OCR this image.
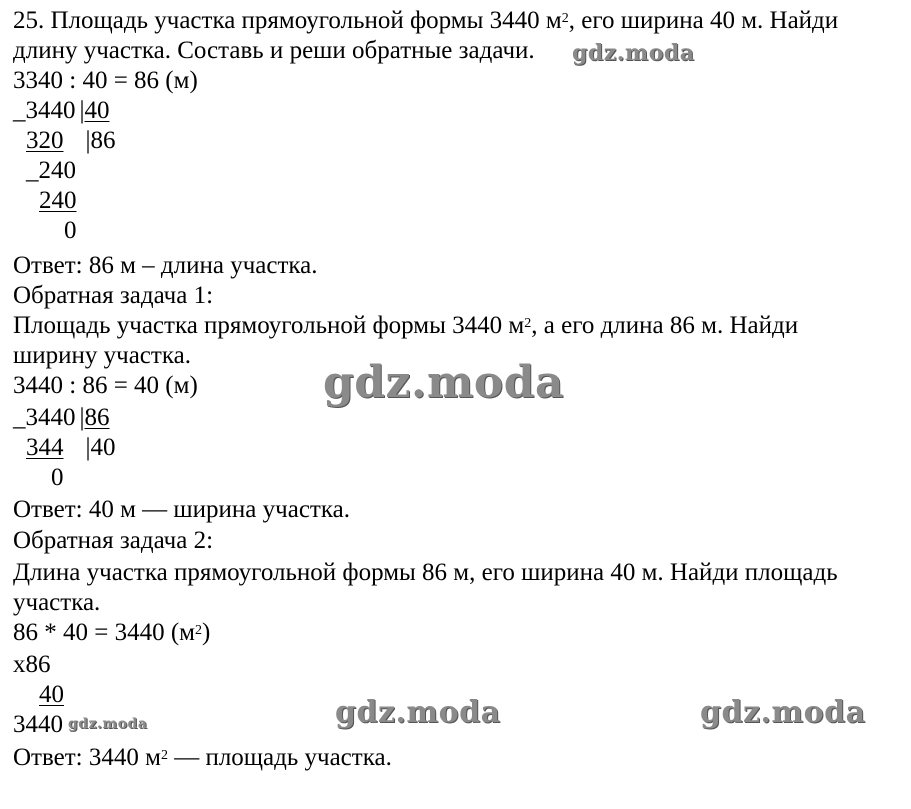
25. Площадь участка прямоугольной формы 3440 $м^2$, его ширина 40 м. Найди
длину участка. Составь и реши обратные задачи.
3340 : 40 = 86 (м)
_3440 |40
320 |86
_240
240
0
Ответ: 86 м – длина участка.
Обратная задача 1:
Площадь участка прямоугольной формы 3440 $м^2$, а его длина 86 м. Найди
ширину участка.
3440 : 86 = 40 (м)
_3440 |86
344 |40
0
Ответ: 40 м — ширина участка.
Обратная задача 2:
Длина участка прямоугольной формы 86 м, его ширина 40 м. Найди площадь
участка.
86 * 40 = 3440 $(м^2)$
x86
40
3440
Ответ: 3440 $м^2$ — площадь участка.
gdz.moda
gdz.moda
gdz.moda	gdz.moda	gdz.moda
